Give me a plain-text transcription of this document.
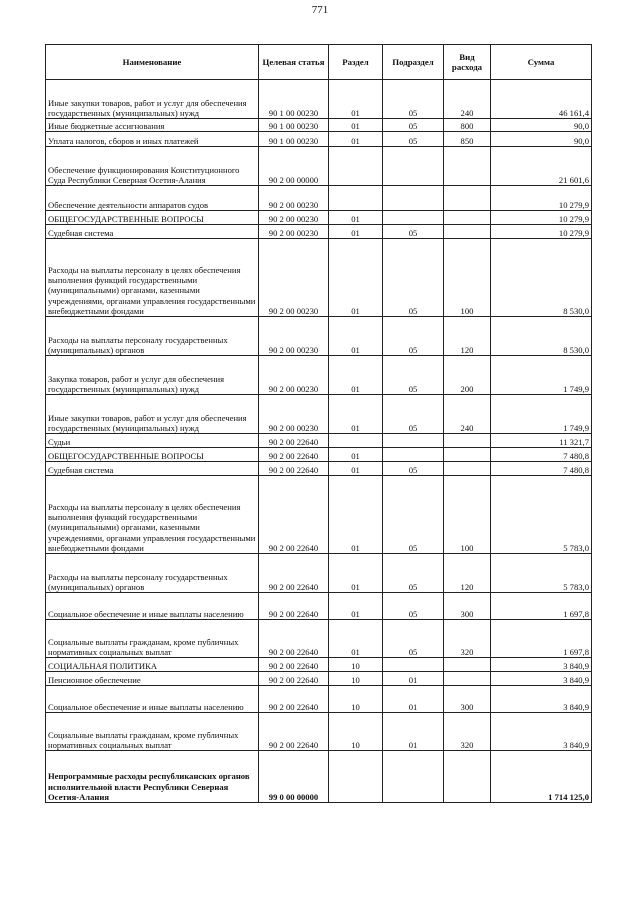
771
Наименование	Целевая статья	Раздел	Подраздел	Вид расхода	Сумма
Иные закупки товаров, работ и услуг для обеспечения государственных (муниципальных) нужд	90 1 00 00230	01	05	240	46 161,4
Иные бюджетные ассигнования	90 1 00 00230	01	05	800	90,0
Уплата налогов, сборов и иных платежей	90 1 00 00230	01	05	850	90,0
Обеспечение функционирования Конституционного Суда Республики Северная Осетия-Алания	90 2 00 00000				21 601,6
Обеспечение деятельности аппаратов судов	90 2 00 00230				10 279,9
ОБЩЕГОСУДАРСТВЕННЫЕ ВОПРОСЫ	90 2 00 00230	01			10 279,9
Судебная система	90 2 00 00230	01	05		10 279,9
Расходы на выплаты персоналу в целях обеспечения выполнения функций государственными (муниципальными) органами, казенными учреждениями, органами управления государственными внебюджетными фондами	90 2 00 00230	01	05	100	8 530,0
Расходы на выплаты персоналу государственных (муниципальных) органов	90 2 00 00230	01	05	120	8 530,0
Закупка товаров, работ и услуг для обеспечения государственных (муниципальных) нужд	90 2 00 00230	01	05	200	1 749,9
Иные закупки товаров, работ и услуг для обеспечения государственных (муниципальных) нужд	90 2 00 00230	01	05	240	1 749,9
Судьи	90 2 00 22640				11 321,7
ОБЩЕГОСУДАРСТВЕННЫЕ ВОПРОСЫ	90 2 00 22640	01			7 480,8
Судебная система	90 2 00 22640	01	05		7 480,8
Расходы на выплаты персоналу в целях обеспечения выполнения функций государственными (муниципальными) органами, казенными учреждениями, органами управления государственными внебюджетными фондами	90 2 00 22640	01	05	100	5 783,0
Расходы на выплаты персоналу государственных (муниципальных) органов	90 2 00 22640	01	05	120	5 783,0
Социальное обеспечение и иные выплаты населению	90 2 00 22640	01	05	300	1 697,8
Социальные выплаты гражданам, кроме публичных нормативных социальных выплат	90 2 00 22640	01	05	320	1 697,8
СОЦИАЛЬНАЯ ПОЛИТИКА	90 2 00 22640	10			3 840,9
Пенсионное обеспечение	90 2 00 22640	10	01		3 840,9
Социальное обеспечение и иные выплаты населению	90 2 00 22640	10	01	300	3 840,9
Социальные выплаты гражданам, кроме публичных нормативных социальных выплат	90 2 00 22640	10	01	320	3 840,9
Непрограммные расходы республиканских органов исполнительной власти Республики Северная Осетия-Алания	99 0 00 00000				1 714 125,0
